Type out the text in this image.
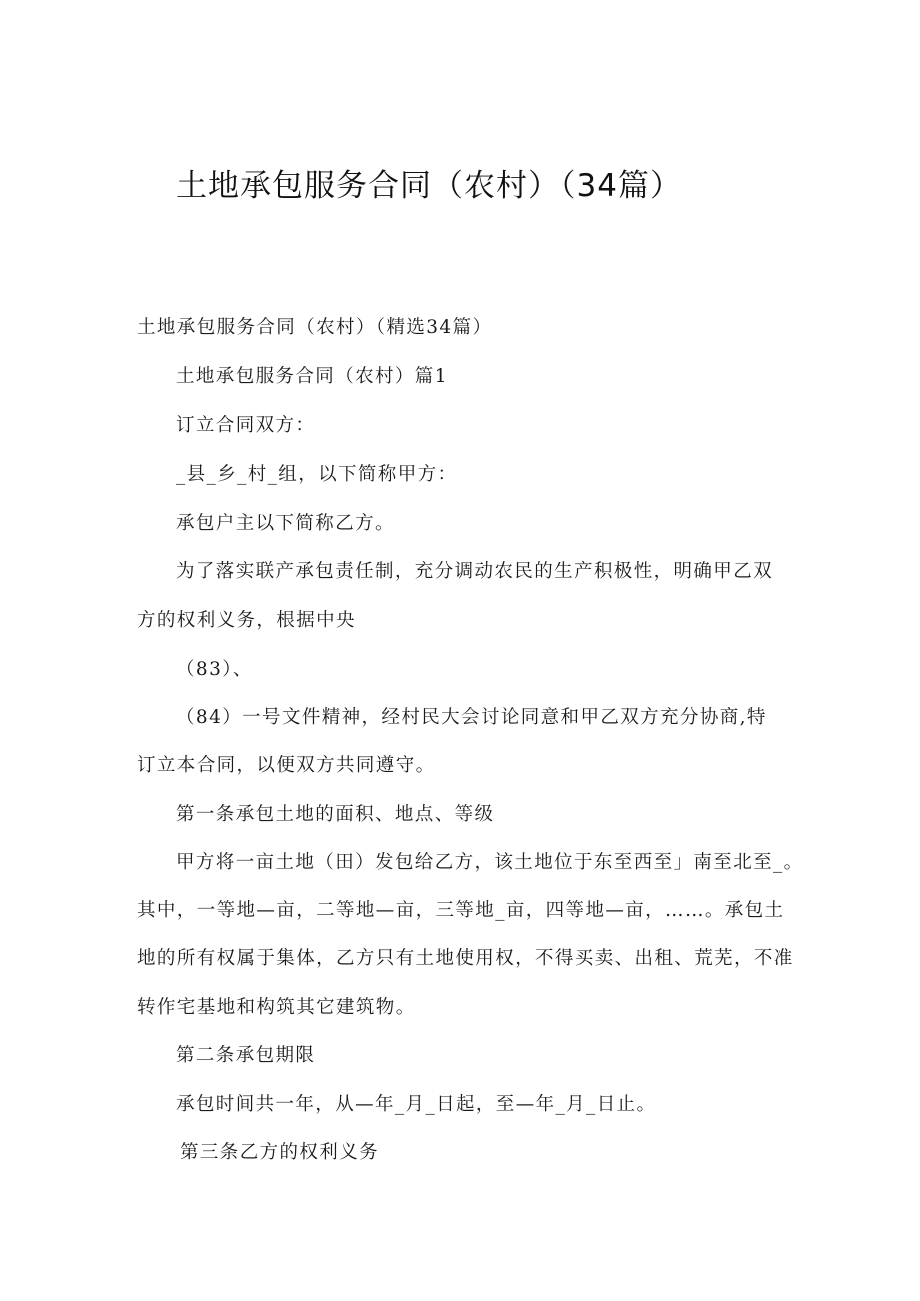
土地承包服务合同（农村）（34篇）

土地承包服务合同（农村）（精选34篇）

土地承包服务合同（农村）篇1

订立合同双方：

_县_乡_村_组，以下简称甲方：

承包户主以下简称乙方。

为了落实联产承包责任制，充分调动农民的生产积极性，明确甲乙双

方的权利义务，根据中央

（83）、

（84）一号文件精神，经村民大会讨论同意和甲乙双方充分协商,特

订立本合同，以便双方共同遵守。

第一条承包土地的面积、地点、等级

甲方将一亩土地（田）发包给乙方，该土地位于东至西至」南至北至_。

其中，一等地—亩，二等地—亩，三等地_亩，四等地—亩，……。承包土

地的所有权属于集体，乙方只有土地使用权，不得买卖、出租、荒芜，不准

转作宅基地和构筑其它建筑物。

第二条承包期限

承包时间共一年，从—年_月_日起，至—年_月_日止。

第三条乙方的权利义务
